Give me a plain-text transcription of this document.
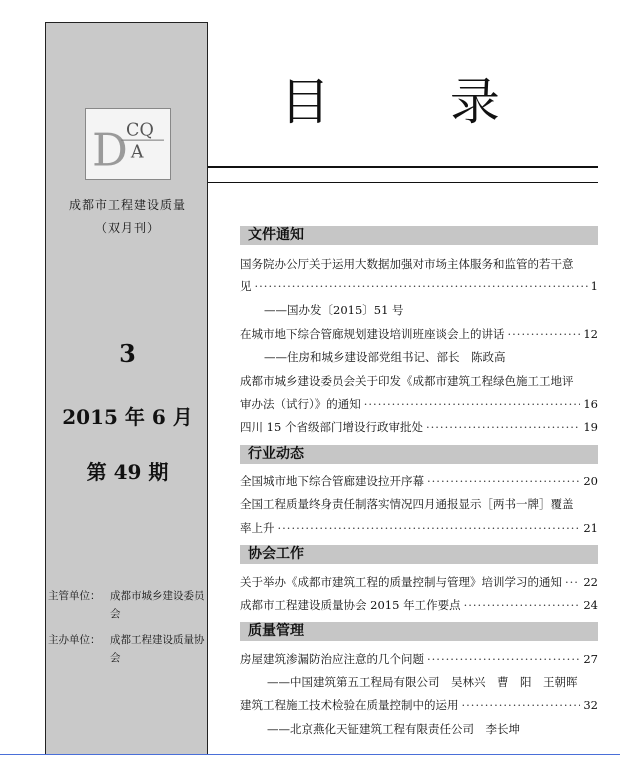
D
CQ
A
成都市工程建设质量
（双月刊）
3
2015 年 6 月
第 49 期
主管单位： 成都市城乡建设委员会
主办单位： 成都工程建设质量协会
目 录
文件通知
国务院办公厅关于运用大数据加强对市场主体服务和监管的若干意
见 ·····	1
——国办发〔2015〕51 号
在城市地下综合管廊规划建设培训班座谈会上的讲话 ·····	12
——住房和城乡建设部党组书记、部长　陈政高
成都市城乡建设委员会关于印发《成都市建筑工程绿色施工工地评
审办法（试行）》的通知 ·····	16
四川 15 个省级部门增设行政审批处 ·····	19
行业动态
全国城市地下综合管廊建设拉开序幕 ·····	20
全国工程质量终身责任制落实情况四月通报显示［两书一牌］覆盖
率上升 ·····	21
协会工作
关于举办《成都市建筑工程的质量控制与管理》培训学习的通知 ····· 22
成都市工程建设质量协会 2015 年工作要点 ·····	24
质量管理
房屋建筑渗漏防治应注意的几个问题 ·····	27
——中国建筑第五工程局有限公司　吴林兴　曹　阳　王朝晖
建筑工程施工技术检验在质量控制中的运用 ·····	32
——北京燕化天钲建筑工程有限责任公司　李长坤
